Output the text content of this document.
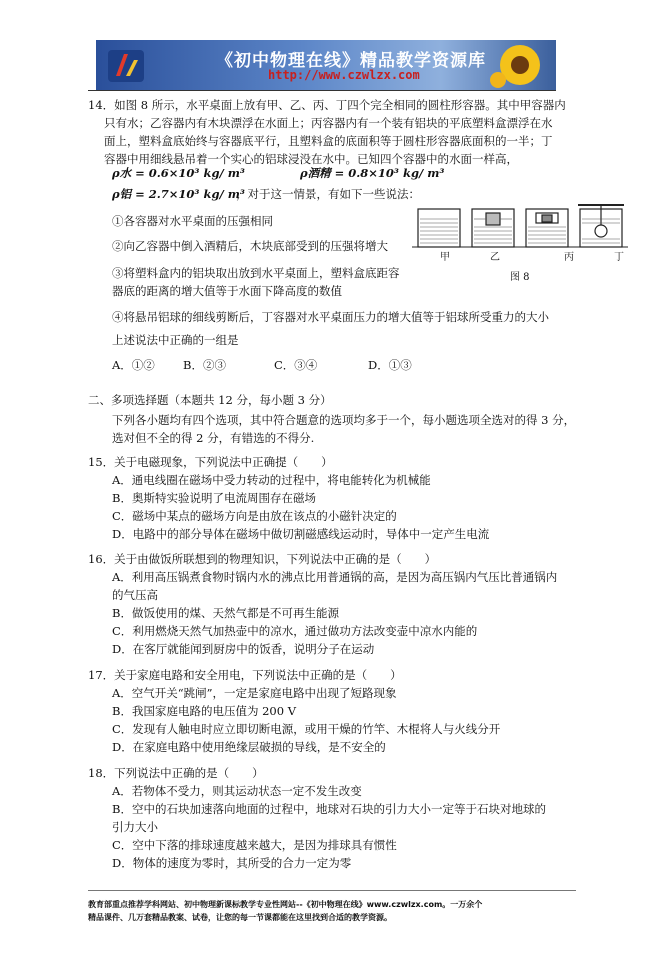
《初中物理在线》精品教学资源库
http://www.czwlzx.com
14．如图 8 所示，水平桌面上放有甲、乙、丙、丁四个完全相同的圆柱形容器。其中甲容器内
只有水；乙容器内有木块漂浮在水面上；丙容器内有一个装有铝块的平底塑料盒漂浮在水
面上，塑料盒底始终与容器底平行，且塑料盒的底面积等于圆柱形容器底面积的一半；丁
容器中用细线悬吊着一个实心的铝球浸没在水中。已知四个容器中的水面一样高，
ρ水 = 0.6×10³ kg/ m³	ρ酒精 = 0.8×10³ kg/ m³
ρ铝 = 2.7×10³ kg/ m³
，对于这一情景，有如下一些说法：
①各容器对水平桌面的压强相同
②向乙容器中倒入酒精后，木块底部受到的压强将增大
③将塑料盒内的铝块取出放到水平桌面上，塑料盒底距容
器底的距离的增大值等于水面下降高度的数值
④将悬吊铝球的细线剪断后，丁容器对水平桌面压力的增大值等于铝球所受重力的大小
上述说法中正确的一组是
A．①② B．②③	C．③④	D．①③
甲	乙	丙	丁
图 8
二、多项选择题（本题共 12 分，每小题 3 分）
下列各小题均有四个选项，其中符合题意的选项均多于一个，每小题选项全选对的得 3 分，
选对但不全的得 2 分，有错选的不得分.
15．关于电磁现象，下列说法中正确提（　　）
A．通电线圈在磁场中受力转动的过程中，将电能转化为机械能
B．奥斯特实验说明了电流周围存在磁场
C．磁场中某点的磁场方向是由放在该点的小磁针决定的
D．电路中的部分导体在磁场中做切割磁感线运动时，导体中一定产生电流
16．关于由做饭所联想到的物理知识，下列说法中正确的是（　　）
A．利用高压锅煮食物时锅内水的沸点比用普通锅的高，是因为高压锅内气压比普通锅内
的气压高
B．做饭使用的煤、天然气都是不可再生能源
C．利用燃烧天然气加热壶中的凉水，通过做功方法改变壶中凉水内能的
D．在客厅就能闻到厨房中的饭香，说明分子在运动
17．关于家庭电路和安全用电，下列说法中正确的是（　　）
A．空气开关“跳闸”，一定是家庭电路中出现了短路现象
B．我国家庭电路的电压值为 200 V
C．发现有人触电时应立即切断电源，或用干燥的竹竿、木棍将人与火线分开
D．在家庭电路中使用绝缘层破损的导线，是不安全的
18．下列说法中正确的是（　　）
A．若物体不受力，则其运动状态一定不发生改变
B．空中的石块加速落向地面的过程中，地球对石块的引力大小一定等于石块对地球的
引力大小
C．空中下落的排球速度越来越大，是因为排球具有惯性
D．物体的速度为零时，其所受的合力一定为零
教育部重点推荐学科网站、初中物理新课标教学专业性网站--《初中物理在线》www.czwlzx.com。一万余个
精品课件、几万套精品教案、试卷，让您的每一节课都能在这里找到合适的教学资源。
